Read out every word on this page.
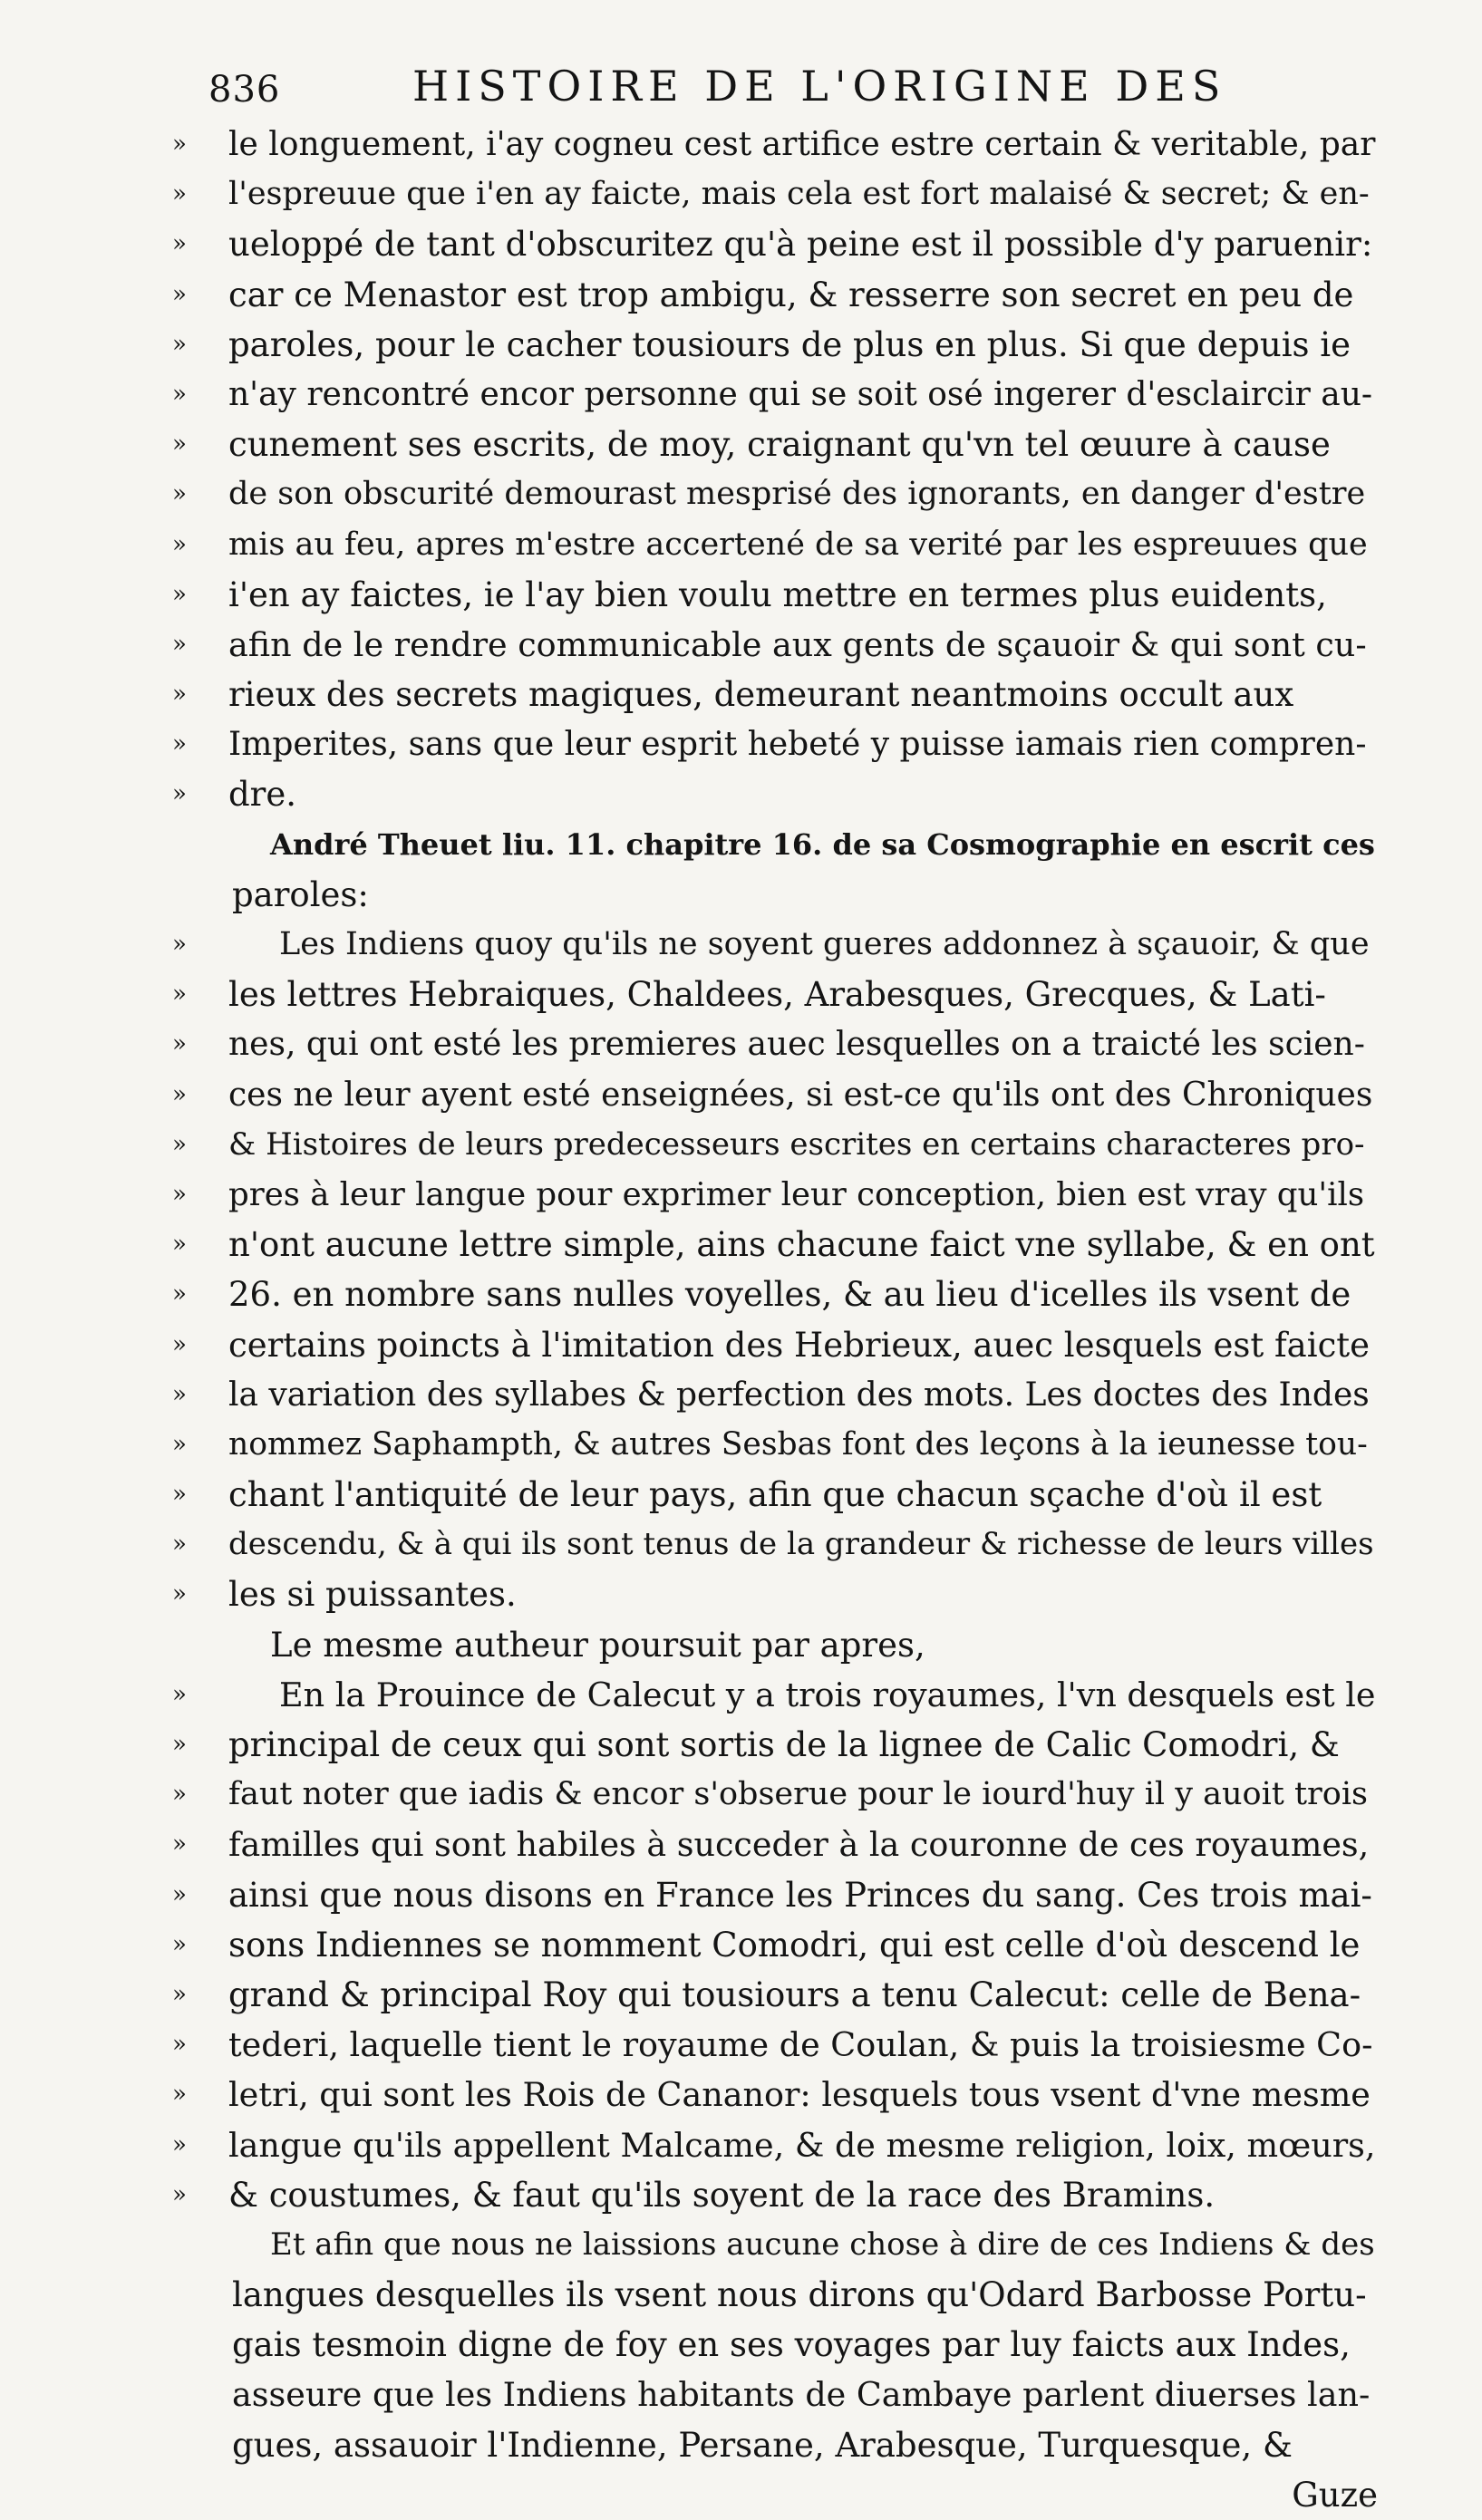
836	HISTOIRE DE L'ORIGINE DES
»	le longuement, i'ay cogneu cest artifice estre certain & veritable, par
»	l'espreuue que i'en ay faicte, mais cela est fort malaisé & secret; & en-
»	ueloppé de tant d'obscuritez qu'à peine est il possible d'y paruenir:
»	car ce Menastor est trop ambigu, & resserre son secret en peu de
»	paroles, pour le cacher tousiours de plus en plus. Si que depuis ie
»	n'ay rencontré encor personne qui se soit osé ingerer d'esclaircir au-
»	cunement ses escrits, de moy, craignant qu'vn tel œuure à cause
»	de son obscurité demourast mesprisé des ignorants, en danger d'estre
»	mis au feu, apres m'estre accertené de sa verité par les espreuues que
»	i'en ay faictes, ie l'ay bien voulu mettre en termes plus euidents,
»	afin de le rendre communicable aux gents de sçauoir & qui sont cu-
»	rieux des secrets magiques, demeurant neantmoins occult aux
»	Imperites, sans que leur esprit hebeté y puisse iamais rien compren-
»	dre.
André Theuet liu. 11. chapitre 16. de sa Cosmographie en escrit ces
paroles:
»	Les Indiens quoy qu'ils ne soyent gueres addonnez à sçauoir, & que
»	les lettres Hebraiques, Chaldees, Arabesques, Grecques, & Lati-
»	nes, qui ont esté les premieres auec lesquelles on a traicté les scien-
»	ces ne leur ayent esté enseignées, si est-ce qu'ils ont des Chroniques
»	& Histoires de leurs predecesseurs escrites en certains characteres pro-
»	pres à leur langue pour exprimer leur conception, bien est vray qu'ils
»	n'ont aucune lettre simple, ains chacune faict vne syllabe, & en ont
»	26. en nombre sans nulles voyelles, & au lieu d'icelles ils vsent de
»	certains poincts à l'imitation des Hebrieux, auec lesquels est faicte
»	la variation des syllabes & perfection des mots. Les doctes des Indes
»	nommez Saphampth, & autres Sesbas font des leçons à la ieunesse tou-
»	chant l'antiquité de leur pays, afin que chacun sçache d'où il est
»	descendu, & à qui ils sont tenus de la grandeur & richesse de leurs villes
»	les si puissantes.
Le mesme autheur poursuit par apres,
»	En la Prouince de Calecut y a trois royaumes, l'vn desquels est le
»	principal de ceux qui sont sortis de la lignee de Calic Comodri, &
»	faut noter que iadis & encor s'obserue pour le iourd'huy il y auoit trois
»	familles qui sont habiles à succeder à la couronne de ces royaumes,
»	ainsi que nous disons en France les Princes du sang. Ces trois mai-
»	sons Indiennes se nomment Comodri, qui est celle d'où descend le
»	grand & principal Roy qui tousiours a tenu Calecut: celle de Bena-
»	tederi, laquelle tient le royaume de Coulan, & puis la troisiesme Co-
»	letri, qui sont les Rois de Cananor: lesquels tous vsent d'vne mesme
»	langue qu'ils appellent Malcame, & de mesme religion, loix, mœurs,
»	& coustumes, & faut qu'ils soyent de la race des Bramins.
Et afin que nous ne laissions aucune chose à dire de ces Indiens & des
langues desquelles ils vsent nous dirons qu'Odard Barbosse Portu-
gais tesmoin digne de foy en ses voyages par luy faicts aux Indes,
asseure que les Indiens habitants de Cambaye parlent diuerses lan-
gues, assauoir l'Indienne, Persane, Arabesque, Turquesque, &
Guze
